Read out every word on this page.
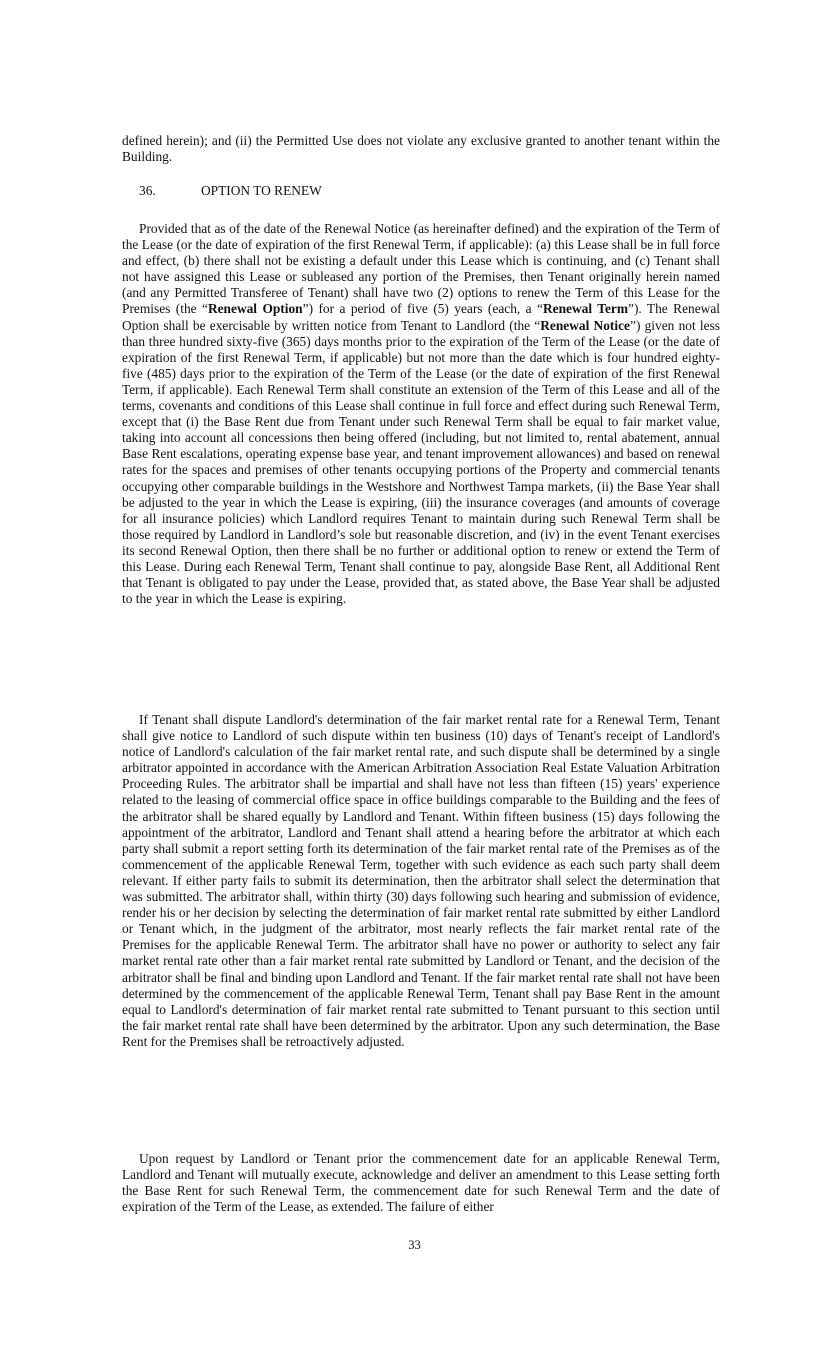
defined herein); and (ii) the Permitted Use does not violate any exclusive granted to another tenant within the Building.

36.	OPTION TO RENEW

Provided that as of the date of the Renewal Notice (as hereinafter defined) and the expiration of the Term of the Lease (or the date of expiration of the first Renewal Term, if applicable): (a) this Lease shall be in full force and effect, (b) there shall not be existing a default under this Lease which is continuing, and (c) Tenant shall not have assigned this Lease or subleased any portion of the Premises, then Tenant originally herein named (and any Permitted Transferee of Tenant) shall have two (2) options to renew the Term of this Lease for the Premises (the “Renewal Option”) for a period of five (5) years (each, a “Renewal Term”). The Renewal Option shall be exercisable by written notice from Tenant to Landlord (the “Renewal Notice”) given not less than three hundred sixty-five (365) days months prior to the expiration of the Term of the Lease (or the date of expiration of the first Renewal Term, if applicable) but not more than the date which is four hundred eighty-five (485) days prior to the expiration of the Term of the Lease (or the date of expiration of the first Renewal Term, if applicable). Each Renewal Term shall constitute an extension of the Term of this Lease and all of the terms, covenants and conditions of this Lease shall continue in full force and effect during such Renewal Term, except that (i) the Base Rent due from Tenant under such Renewal Term shall be equal to fair market value, taking into account all concessions then being offered (including, but not limited to, rental abatement, annual Base Rent escalations, operating expense base year, and tenant improvement allowances) and based on renewal rates for the spaces and premises of other tenants occupying portions of the Property and commercial tenants occupying other comparable buildings in the Westshore and Northwest Tampa markets, (ii) the Base Year shall be adjusted to the year in which the Lease is expiring, (iii) the insurance coverages (and amounts of coverage for all insurance policies) which Landlord requires Tenant to maintain during such Renewal Term shall be those required by Landlord in Landlord’s sole but reasonable discretion, and (iv) in the event Tenant exercises its second Renewal Option, then there shall be no further or additional option to renew or extend the Term of this Lease. During each Renewal Term, Tenant shall continue to pay, alongside Base Rent, all Additional Rent that Tenant is obligated to pay under the Lease, provided that, as stated above, the Base Year shall be adjusted to the year in which the Lease is expiring.

If Tenant shall dispute Landlord's determination of the fair market rental rate for a Renewal Term, Tenant shall give notice to Landlord of such dispute within ten business (10) days of Tenant's receipt of Landlord's notice of Landlord's calculation of the fair market rental rate, and such dispute shall be determined by a single arbitrator appointed in accordance with the American Arbitration Association Real Estate Valuation Arbitration Proceeding Rules. The arbitrator shall be impartial and shall have not less than fifteen (15) years' experience related to the leasing of commercial office space in office buildings comparable to the Building and the fees of the arbitrator shall be shared equally by Landlord and Tenant. Within fifteen business (15) days following the appointment of the arbitrator, Landlord and Tenant shall attend a hearing before the arbitrator at which each party shall submit a report setting forth its determination of the fair market rental rate of the Premises as of the commencement of the applicable Renewal Term, together with such evidence as each such party shall deem relevant. If either party fails to submit its determination, then the arbitrator shall select the determination that was submitted. The arbitrator shall, within thirty (30) days following such hearing and submission of evidence, render his or her decision by selecting the determination of fair market rental rate submitted by either Landlord or Tenant which, in the judgment of the arbitrator, most nearly reflects the fair market rental rate of the Premises for the applicable Renewal Term. The arbitrator shall have no power or authority to select any fair market rental rate other than a fair market rental rate submitted by Landlord or Tenant, and the decision of the arbitrator shall be final and binding upon Landlord and Tenant. If the fair market rental rate shall not have been determined by the commencement of the applicable Renewal Term, Tenant shall pay Base Rent in the amount equal to Landlord's determination of fair market rental rate submitted to Tenant pursuant to this section until the fair market rental rate shall have been determined by the arbitrator. Upon any such determination, the Base Rent for the Premises shall be retroactively adjusted.

Upon request by Landlord or Tenant prior the commencement date for an applicable Renewal Term, Landlord and Tenant will mutually execute, acknowledge and deliver an amendment to this Lease setting forth the Base Rent for such Renewal Term, the commencement date for such Renewal Term and the date of expiration of the Term of the Lease, as extended. The failure of either

33
